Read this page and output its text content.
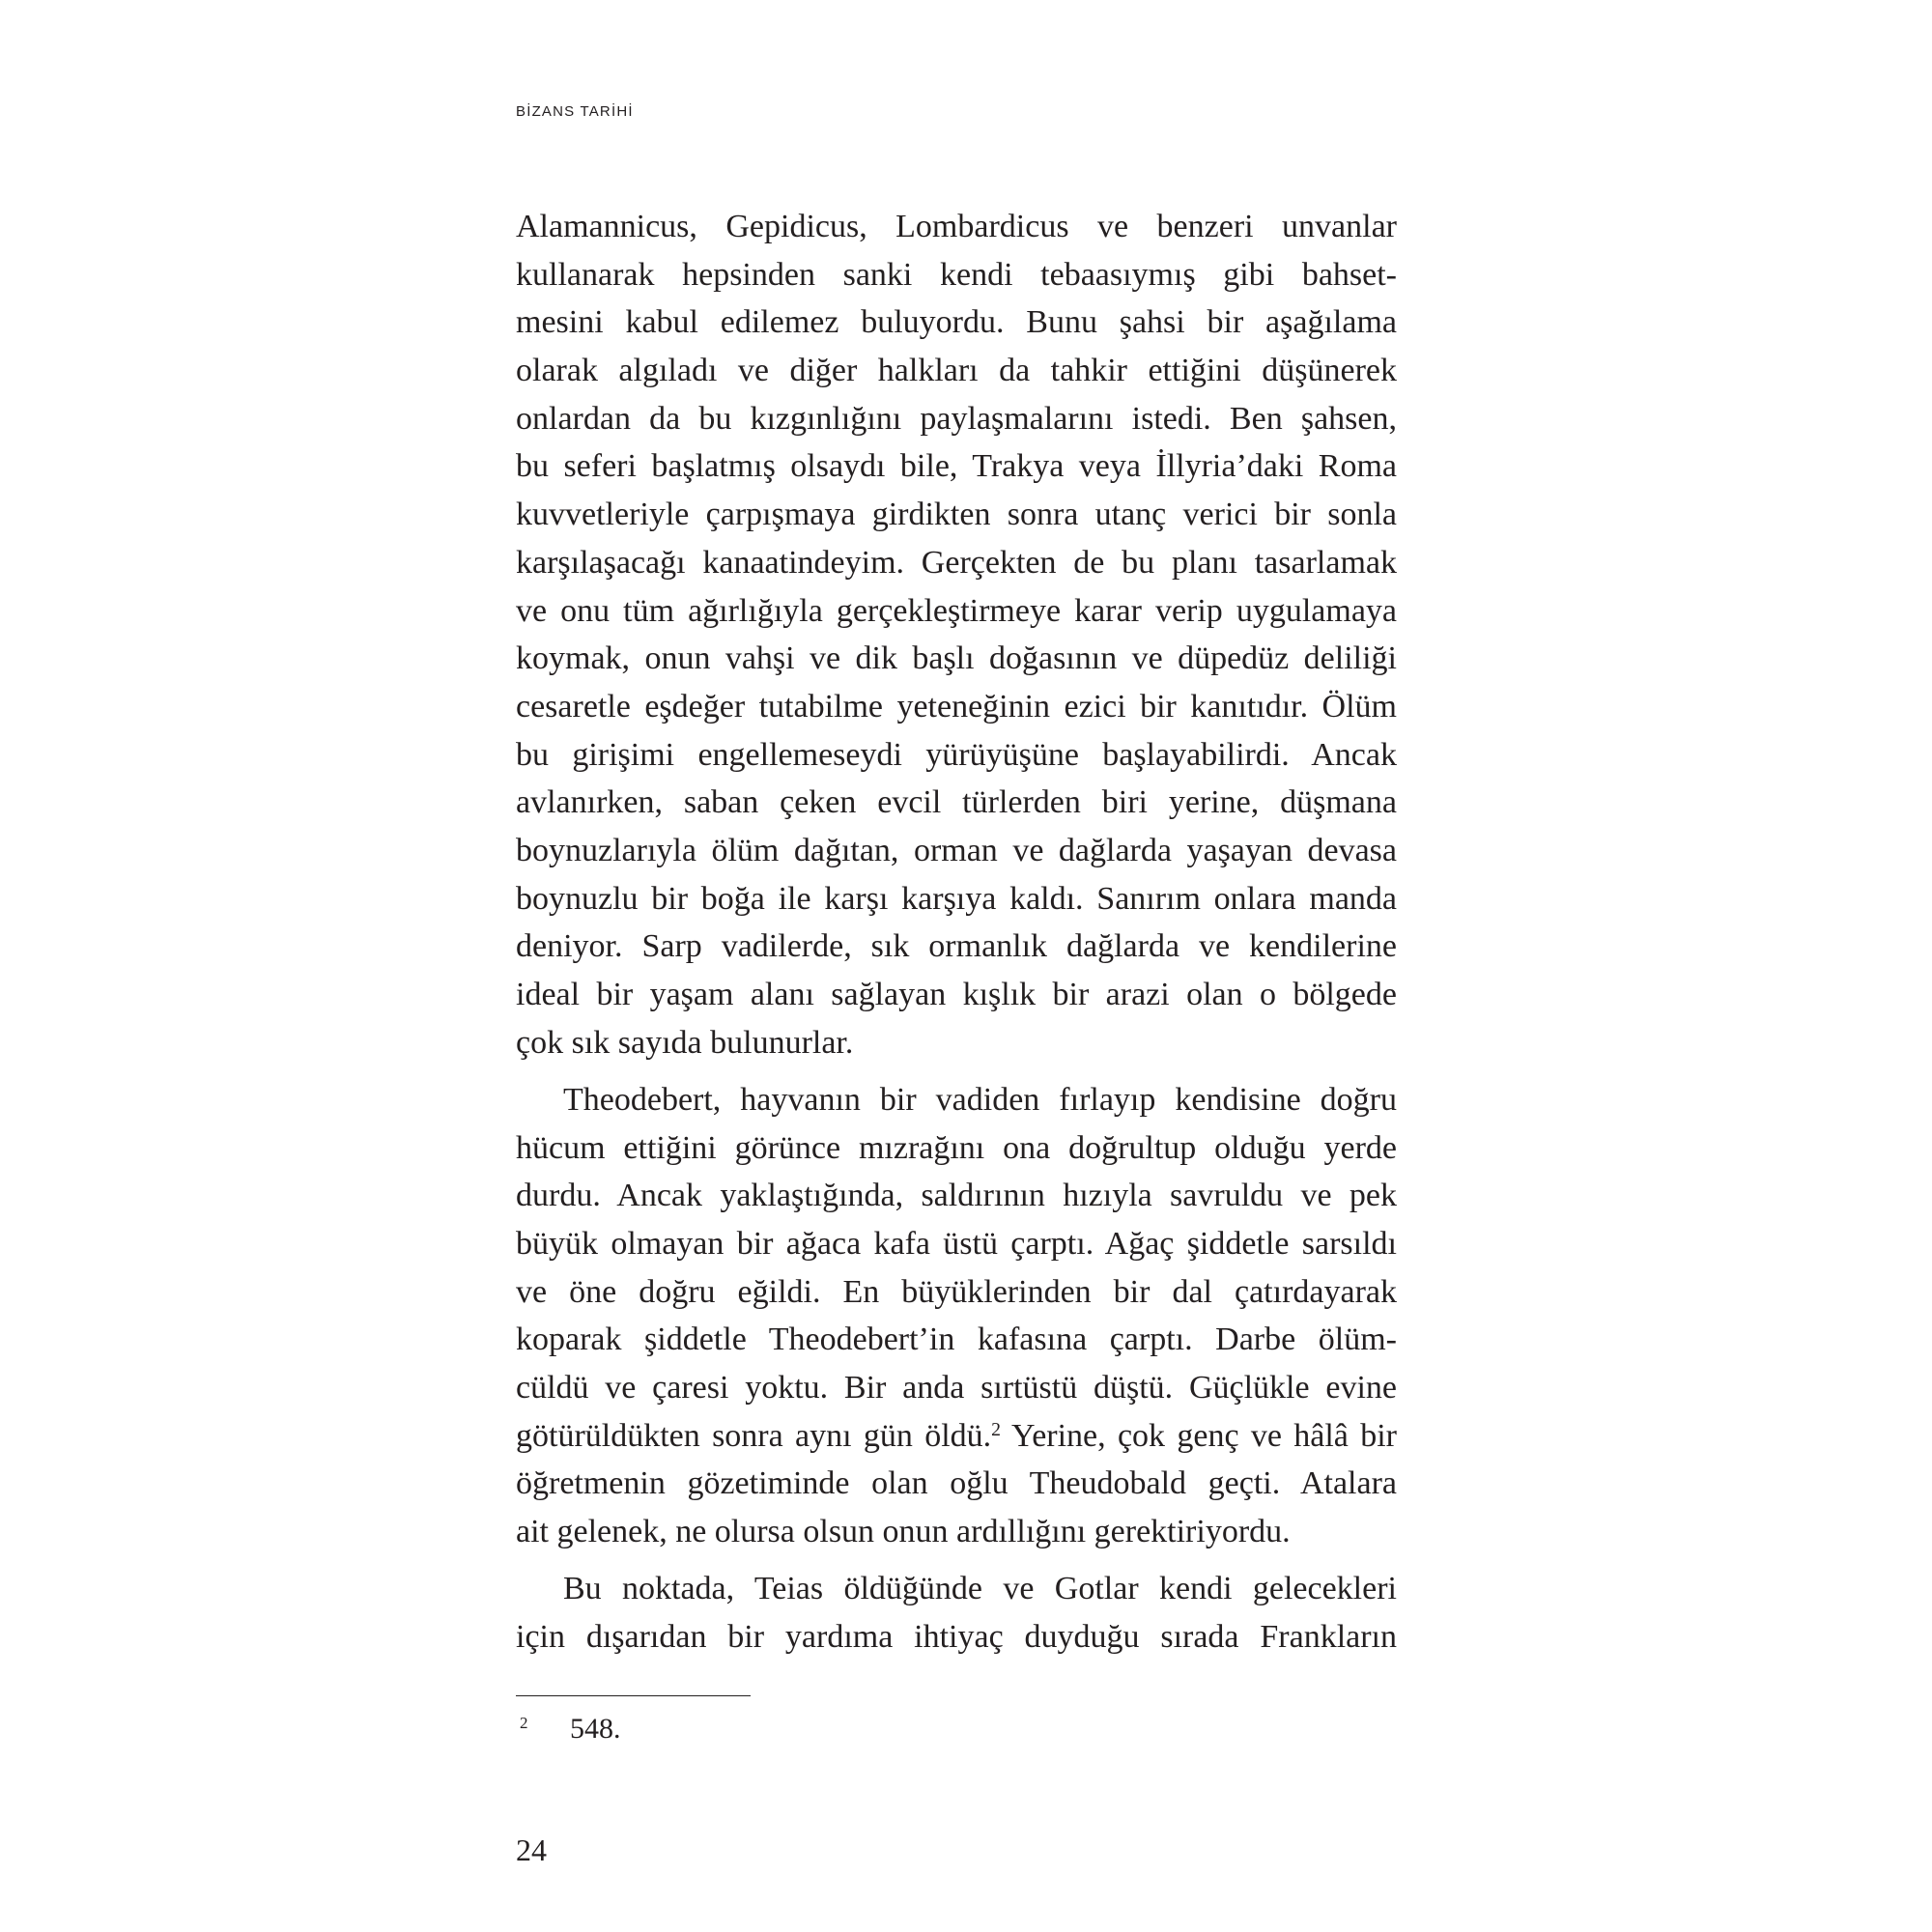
BİZANS TARİHİ
Alamannicus, Gepidicus, Lombardicus ve benzeri unvanlar
kullanarak hepsinden sanki kendi tebaasıymış gibi bahset-
mesini kabul edilemez buluyordu. Bunu şahsi bir aşağılama
olarak algıladı ve diğer halkları da tahkir ettiğini düşünerek
onlardan da bu kızgınlığını paylaşmalarını istedi. Ben şahsen,
bu seferi başlatmış olsaydı bile, Trakya veya İllyria’daki Roma
kuvvetleriyle çarpışmaya girdikten sonra utanç verici bir sonla
karşılaşacağı kanaatindeyim. Gerçekten de bu planı tasarlamak
ve onu tüm ağırlığıyla gerçekleştirmeye karar verip uygulamaya
koymak, onun vahşi ve dik başlı doğasının ve düpedüz deliliği
cesaretle eşdeğer tutabilme yeteneğinin ezici bir kanıtıdır. Ölüm
bu girişimi engellemeseydi yürüyüşüne başlayabilirdi. Ancak
avlanırken, saban çeken evcil türlerden biri yerine, düşmana
boynuzlarıyla ölüm dağıtan, orman ve dağlarda yaşayan devasa
boynuzlu bir boğa ile karşı karşıya kaldı. Sanırım onlara manda
deniyor. Sarp vadilerde, sık ormanlık dağlarda ve kendilerine
ideal bir yaşam alanı sağlayan kışlık bir arazi olan o bölgede
çok sık sayıda bulunurlar.
Theodebert, hayvanın bir vadiden fırlayıp kendisine doğru
hücum ettiğini görünce mızrağını ona doğrultup olduğu yerde
durdu. Ancak yaklaştığında, saldırının hızıyla savruldu ve pek
büyük olmayan bir ağaca kafa üstü çarptı. Ağaç şiddetle sarsıldı
ve öne doğru eğildi. En büyüklerinden bir dal çatırdayarak
koparak şiddetle Theodebert’in kafasına çarptı. Darbe ölüm-
cüldü ve çaresi yoktu. Bir anda sırtüstü düştü. Güçlükle evine
götürüldükten sonra aynı gün öldü.$^2$ Yerine, çok genç ve hâlâ bir
öğretmenin gözetiminde olan oğlu Theudobald geçti. Atalara
ait gelenek, ne olursa olsun onun ardıllığını gerektiriyordu.
Bu noktada, Teias öldüğünde ve Gotlar kendi gelecekleri
için dışarıdan bir yardıma ihtiyaç duyduğu sırada Frankların
2 548.
24
